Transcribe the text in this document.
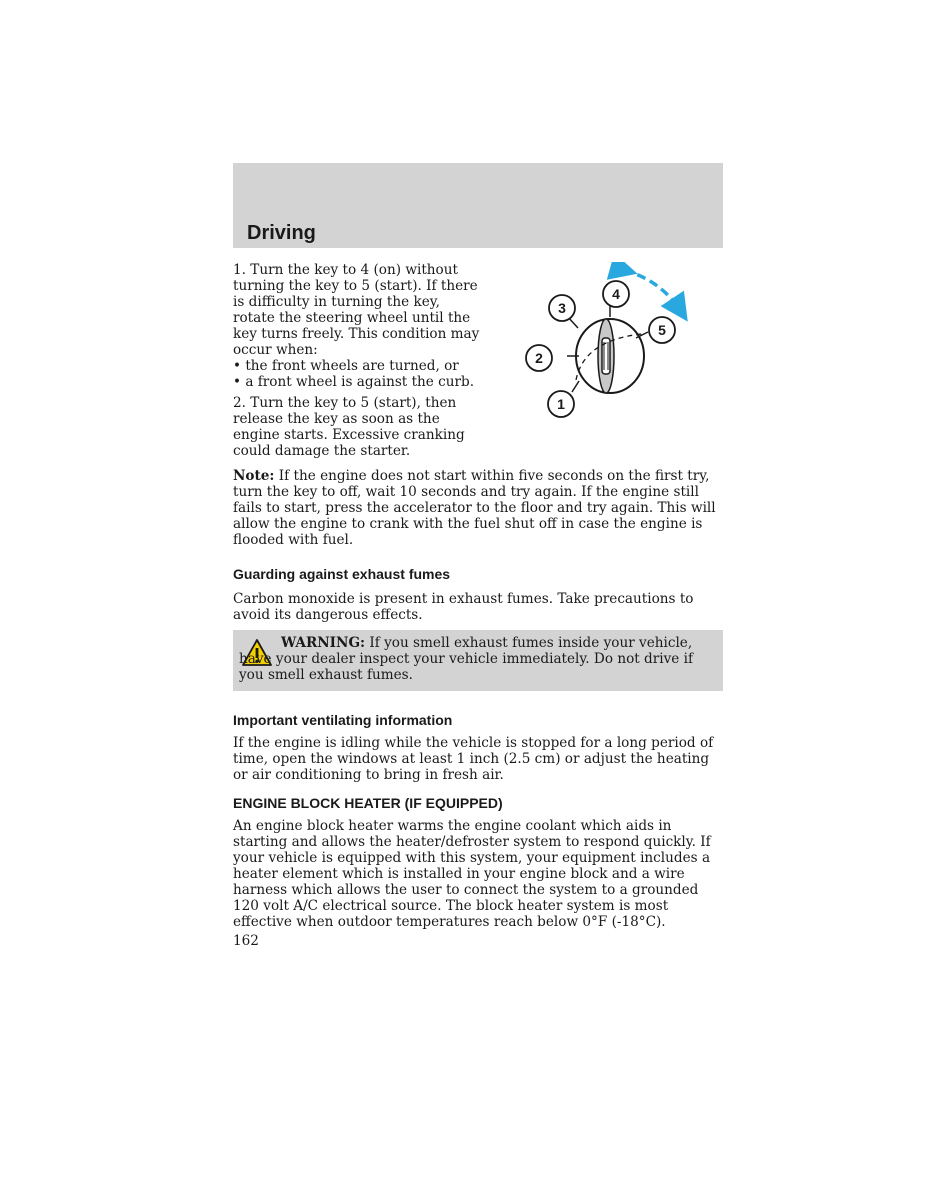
Driving

1. Turn the key to 4 (on) without

turning the key to 5 (start). If there

is difficulty in turning the key,

rotate the steering wheel until the

key turns freely. This condition may

occur when:

• the front wheels are turned, or

• a front wheel is against the curb.

2. Turn the key to 5 (start), then

release the key as soon as the

engine starts. Excessive cranking

could damage the starter.

1
2
3
4
5

Note: If the engine does not start within five seconds on the first try, turn the key to off, wait 10 seconds and try again. If the engine still fails to start, press the accelerator to the floor and try again. This will allow the engine to crank with the fuel shut off in case the engine is flooded with fuel.

Guarding against exhaust fumes

Carbon monoxide is present in exhaust fumes. Take precautions to avoid its dangerous effects.

WARNING: If you smell exhaust fumes inside your vehicle, have your dealer inspect your vehicle immediately. Do not drive if you smell exhaust fumes.

Important ventilating information

If the engine is idling while the vehicle is stopped for a long period of time, open the windows at least 1 inch (2.5 cm) or adjust the heating or air conditioning to bring in fresh air.

ENGINE BLOCK HEATER (IF EQUIPPED)

An engine block heater warms the engine coolant which aids in starting and allows the heater/defroster system to respond quickly. If your vehicle is equipped with this system, your equipment includes a heater element which is installed in your engine block and a wire harness which allows the user to connect the system to a grounded 120 volt A/C electrical source. The block heater system is most effective when outdoor temperatures reach below 0°F (-18°C).

162
